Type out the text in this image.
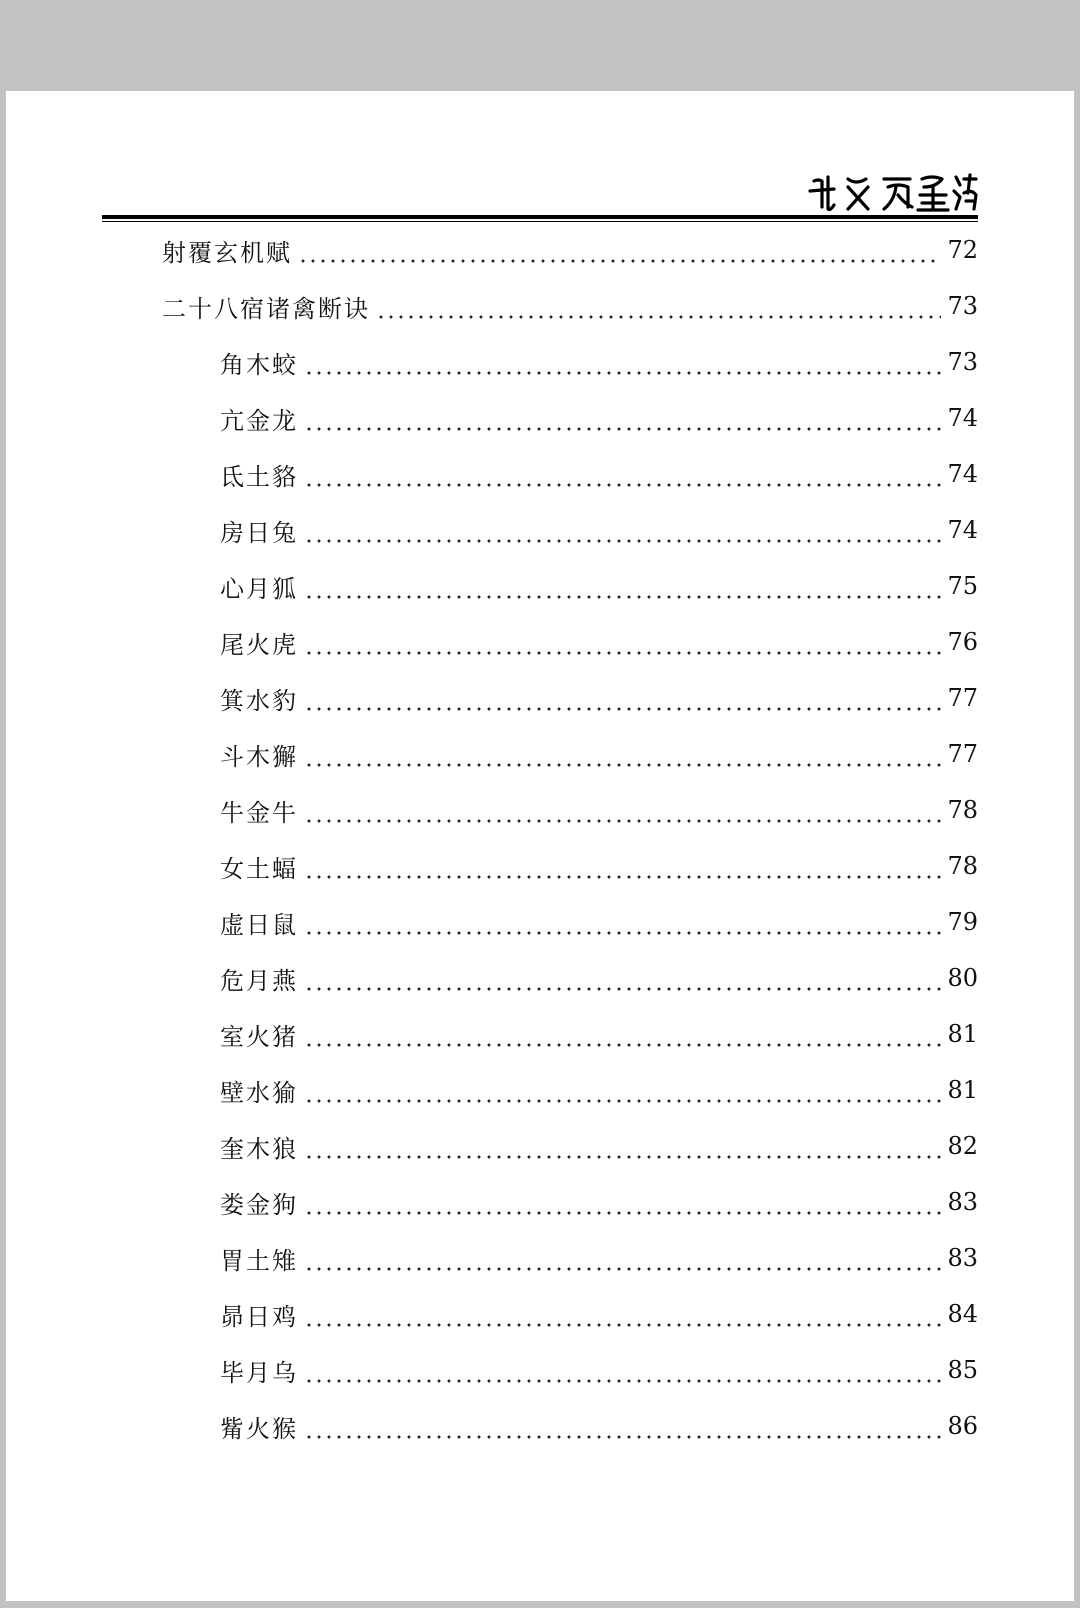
射覆玄机赋	72
二十八宿诸禽断诀	73
角木蛟	73
亢金龙	74
氐土貉	74
房日兔	74
心月狐	75
尾火虎	76
箕水豹	77
斗木獬	77
牛金牛	78
女土蝠	78
虚日鼠	79
危月燕	80
室火猪	81
壁水㺄	81
奎木狼	82
娄金狗	83
胃土雉	83
昴日鸡	84
毕月乌	85
觜火猴	86
